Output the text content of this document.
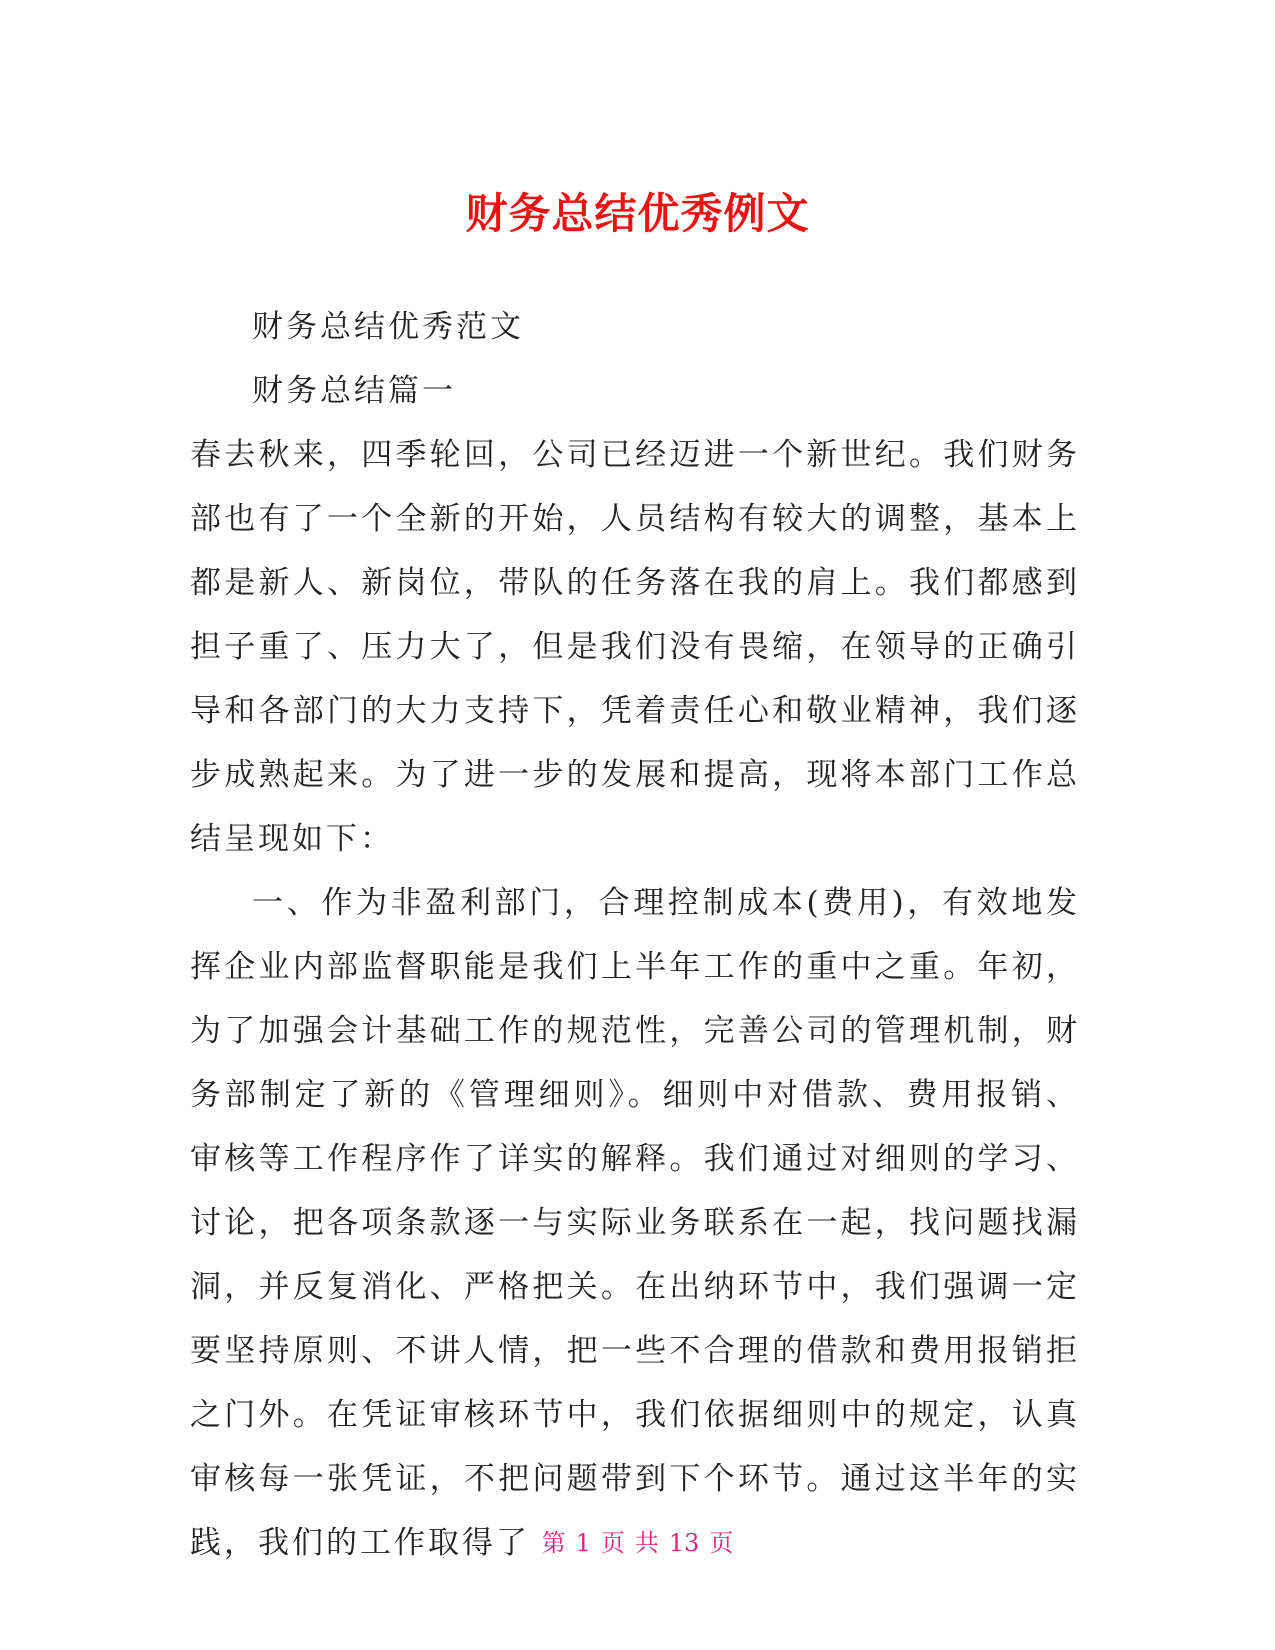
财务总结优秀例文

财务总结优秀范文

财务总结篇一

春去秋来，四季轮回，公司已经迈进一个新世纪。我们财务部也有了一个全新的开始，人员结构有较大的调整，基本上都是新人、新岗位，带队的任务落在我的肩上。我们都感到担子重了、压力大了，但是我们没有畏缩，在领导的正确引导和各部门的大力支持下，凭着责任心和敬业精神，我们逐步成熟起来。为了进一步的发展和提高，现将本部门工作总结呈现如下：

一、作为非盈利部门，合理控制成本(费用)，有效地发挥企业内部监督职能是我们上半年工作的重中之重。年初，为了加强会计基础工作的规范性，完善公司的管理机制，财务部制定了新的《管理细则》。细则中对借款、费用报销、审核等工作程序作了详实的解释。我们通过对细则的学习、讨论，把各项条款逐一与实际业务联系在一起，找问题找漏洞，并反复消化、严格把关。在出纳环节中，我们强调一定要坚持原则、不讲人情，把一些不合理的借款和费用报销拒之门外。在凭证审核环节中，我们依据细则中的规定，认真审核每一张凭证，不把问题带到下个环节。通过这半年的实践，我们的工作取得了 第 1 页 共 13 页
